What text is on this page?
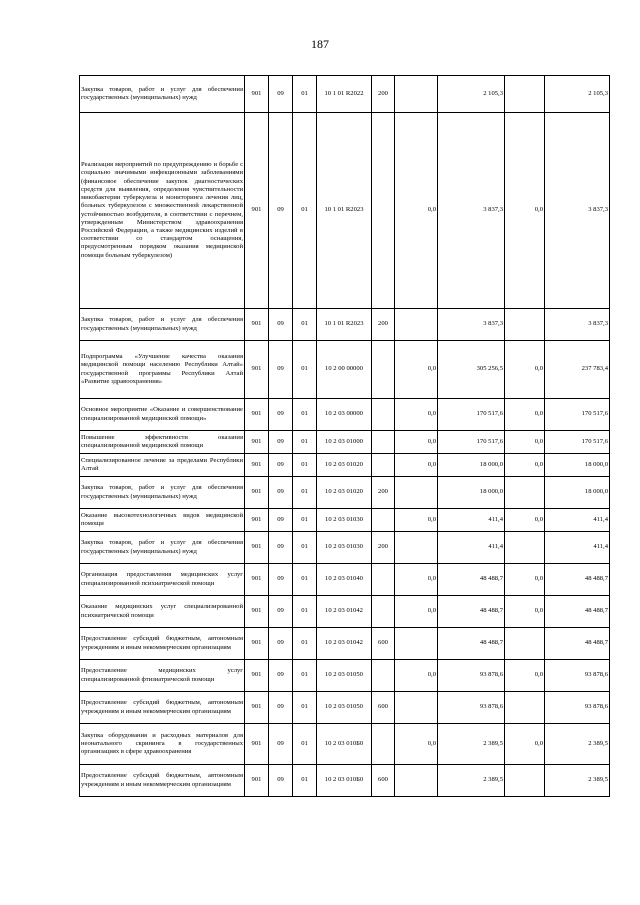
187
Закупка товаров, работ и услуг для обеспечения государственных (муниципальных) нужд	901	09	01	10 1 01 R2022	200		2 105,3		2 105,3
Реализация мероприятий по предупреждению и борьбе с социально значимыми инфекционными заболеваниями (финансовое обеспечение закупок диагностических средств для выявления, определения чувствительности микобактерии туберкулеза и мониторинга лечения лиц, больных туберкулезом с множественной лекарственной устойчивостью возбудителя, в соответствии с перечнем, утвержденным Министерством здравоохранения Российской Федерации, а также медицинских изделий в соответствии со стандартом оснащения, предусмотренным порядком оказания медицинской помощи больным туберкулезом)	901	09	01	10 1 01 R2023		0,0	3 837,3	0,0	3 837,3
Закупка товаров, работ и услуг для обеспечения государственных (муниципальных) нужд	901	09	01	10 1 01 R2023	200		3 837,3		3 837,3
Подпрограмма «Улучшение качества оказания медицинской помощи населению Республики Алтай» государственной программы Республики Алтай «Развитие здравоохранения»	901	09	01	10 2 00 00000		0,0	305 256,5	0,0	237 783,4
Основное мероприятие «Оказание и совершенствование специализированной медицинской помощи»	901	09	01	10 2 03 00000		0,0	170 517,6	0,0	170 517,6
Повышение эффективности оказания специализированной медицинской помощи	901	09	01	10 2 03 01000		0,0	170 517,6	0,0	170 517,6
Специализированное лечение за пределами Республики Алтай	901	09	01	10 2 03 01020		0,0	18 000,0	0,0	18 000,0
Закупка товаров, работ и услуг для обеспечения государственных (муниципальных) нужд	901	09	01	10 2 03 01020	200		18 000,0		18 000,0
Оказание высокотехнологичных видов медицинской помощи	901	09	01	10 2 03 01030		0,0	411,4	0,0	411,4
Закупка товаров, работ и услуг для обеспечения государственных (муниципальных) нужд	901	09	01	10 2 03 01030	200		411,4		411,4
Организация предоставления медицинских услуг специализированной психиатрической помощи	901	09	01	10 2 03 01040		0,0	48 488,7	0,0	48 488,7
Оказание медицинских услуг специализированной психиатрической помощи	901	09	01	10 2 03 01042		0,0	48 488,7	0,0	48 488,7
Предоставление субсидий бюджетным, автономным учреждениям и иным некоммерческим организациям	901	09	01	10 2 03 01042	600		48 488,7		48 488,7
Предоставление медицинских услуг специализированной фтизиатрической помощи	901	09	01	10 2 03 01050		0,0	93 878,6	0,0	93 878,6
Предоставление субсидий бюджетным, автономным учреждениям и иным некоммерческим организациям	901	09	01	10 2 03 01050	600		93 878,6		93 878,6
Закупка оборудования и расходных материалов для неонатального скрининга в государственных организациях в сфере здравоохранения	901	09	01	10 2 03 010Б0		0,0	2 389,5	0,0	2 389,5
Предоставление субсидий бюджетным, автономным учреждениям и иным некоммерческим организациям	901	09	01	10 2 03 010Б0	600		2 389,5		2 389,5
